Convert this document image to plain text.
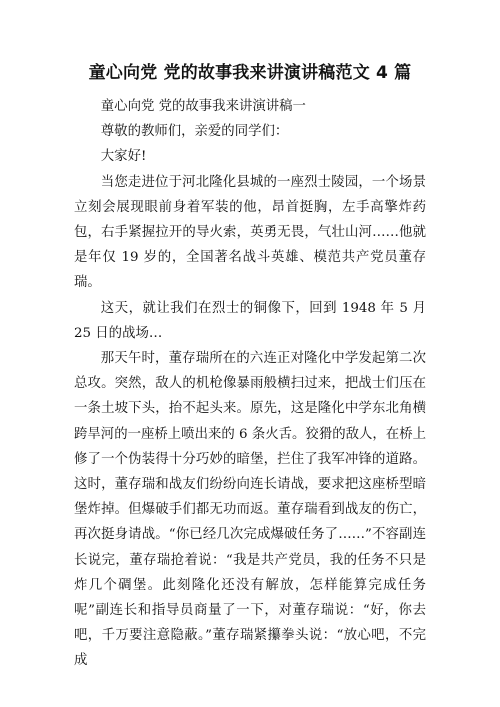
童心向党 党的故事我来讲演讲稿范文 4 篇

童心向党 党的故事我来讲演讲稿一

尊敬的教师们，亲爱的同学们：

大家好!

当您走进位于河北隆化县城的一座烈士陵园，一个场景立刻会展现眼前身着军装的他，昂首挺胸，左手高擎炸药包，右手紧握拉开的导火索，英勇无畏，气壮山河……他就是年仅 19 岁的，全国著名战斗英雄、模范共产党员董存瑞。

这天，就让我们在烈士的铜像下，回到 1948 年 5 月 25 日的战场…

那天午时，董存瑞所在的六连正对隆化中学发起第二次总攻。突然，敌人的机枪像暴雨般横扫过来，把战士们压在一条土坡下头，抬不起头来。原先，这是隆化中学东北角横跨旱河的一座桥上喷出来的 6 条火舌。狡猾的敌人，在桥上修了一个伪装得十分巧妙的暗堡，拦住了我军冲锋的道路。这时，董存瑞和战友们纷纷向连长请战，要求把这座桥型暗堡炸掉。但爆破手们都无功而返。董存瑞看到战友的伤亡，再次挺身请战。“你已经几次完成爆破任务了……”不容副连长说完，董存瑞抢着说：“我是共产党员，我的任务不只是炸几个碉堡。此刻隆化还没有解放，怎样能算完成任务呢”副连长和指导员商量了一下，对董存瑞说：“好，你去吧，千万要注意隐蔽。”董存瑞紧攥拳头说：“放心吧，不完成
